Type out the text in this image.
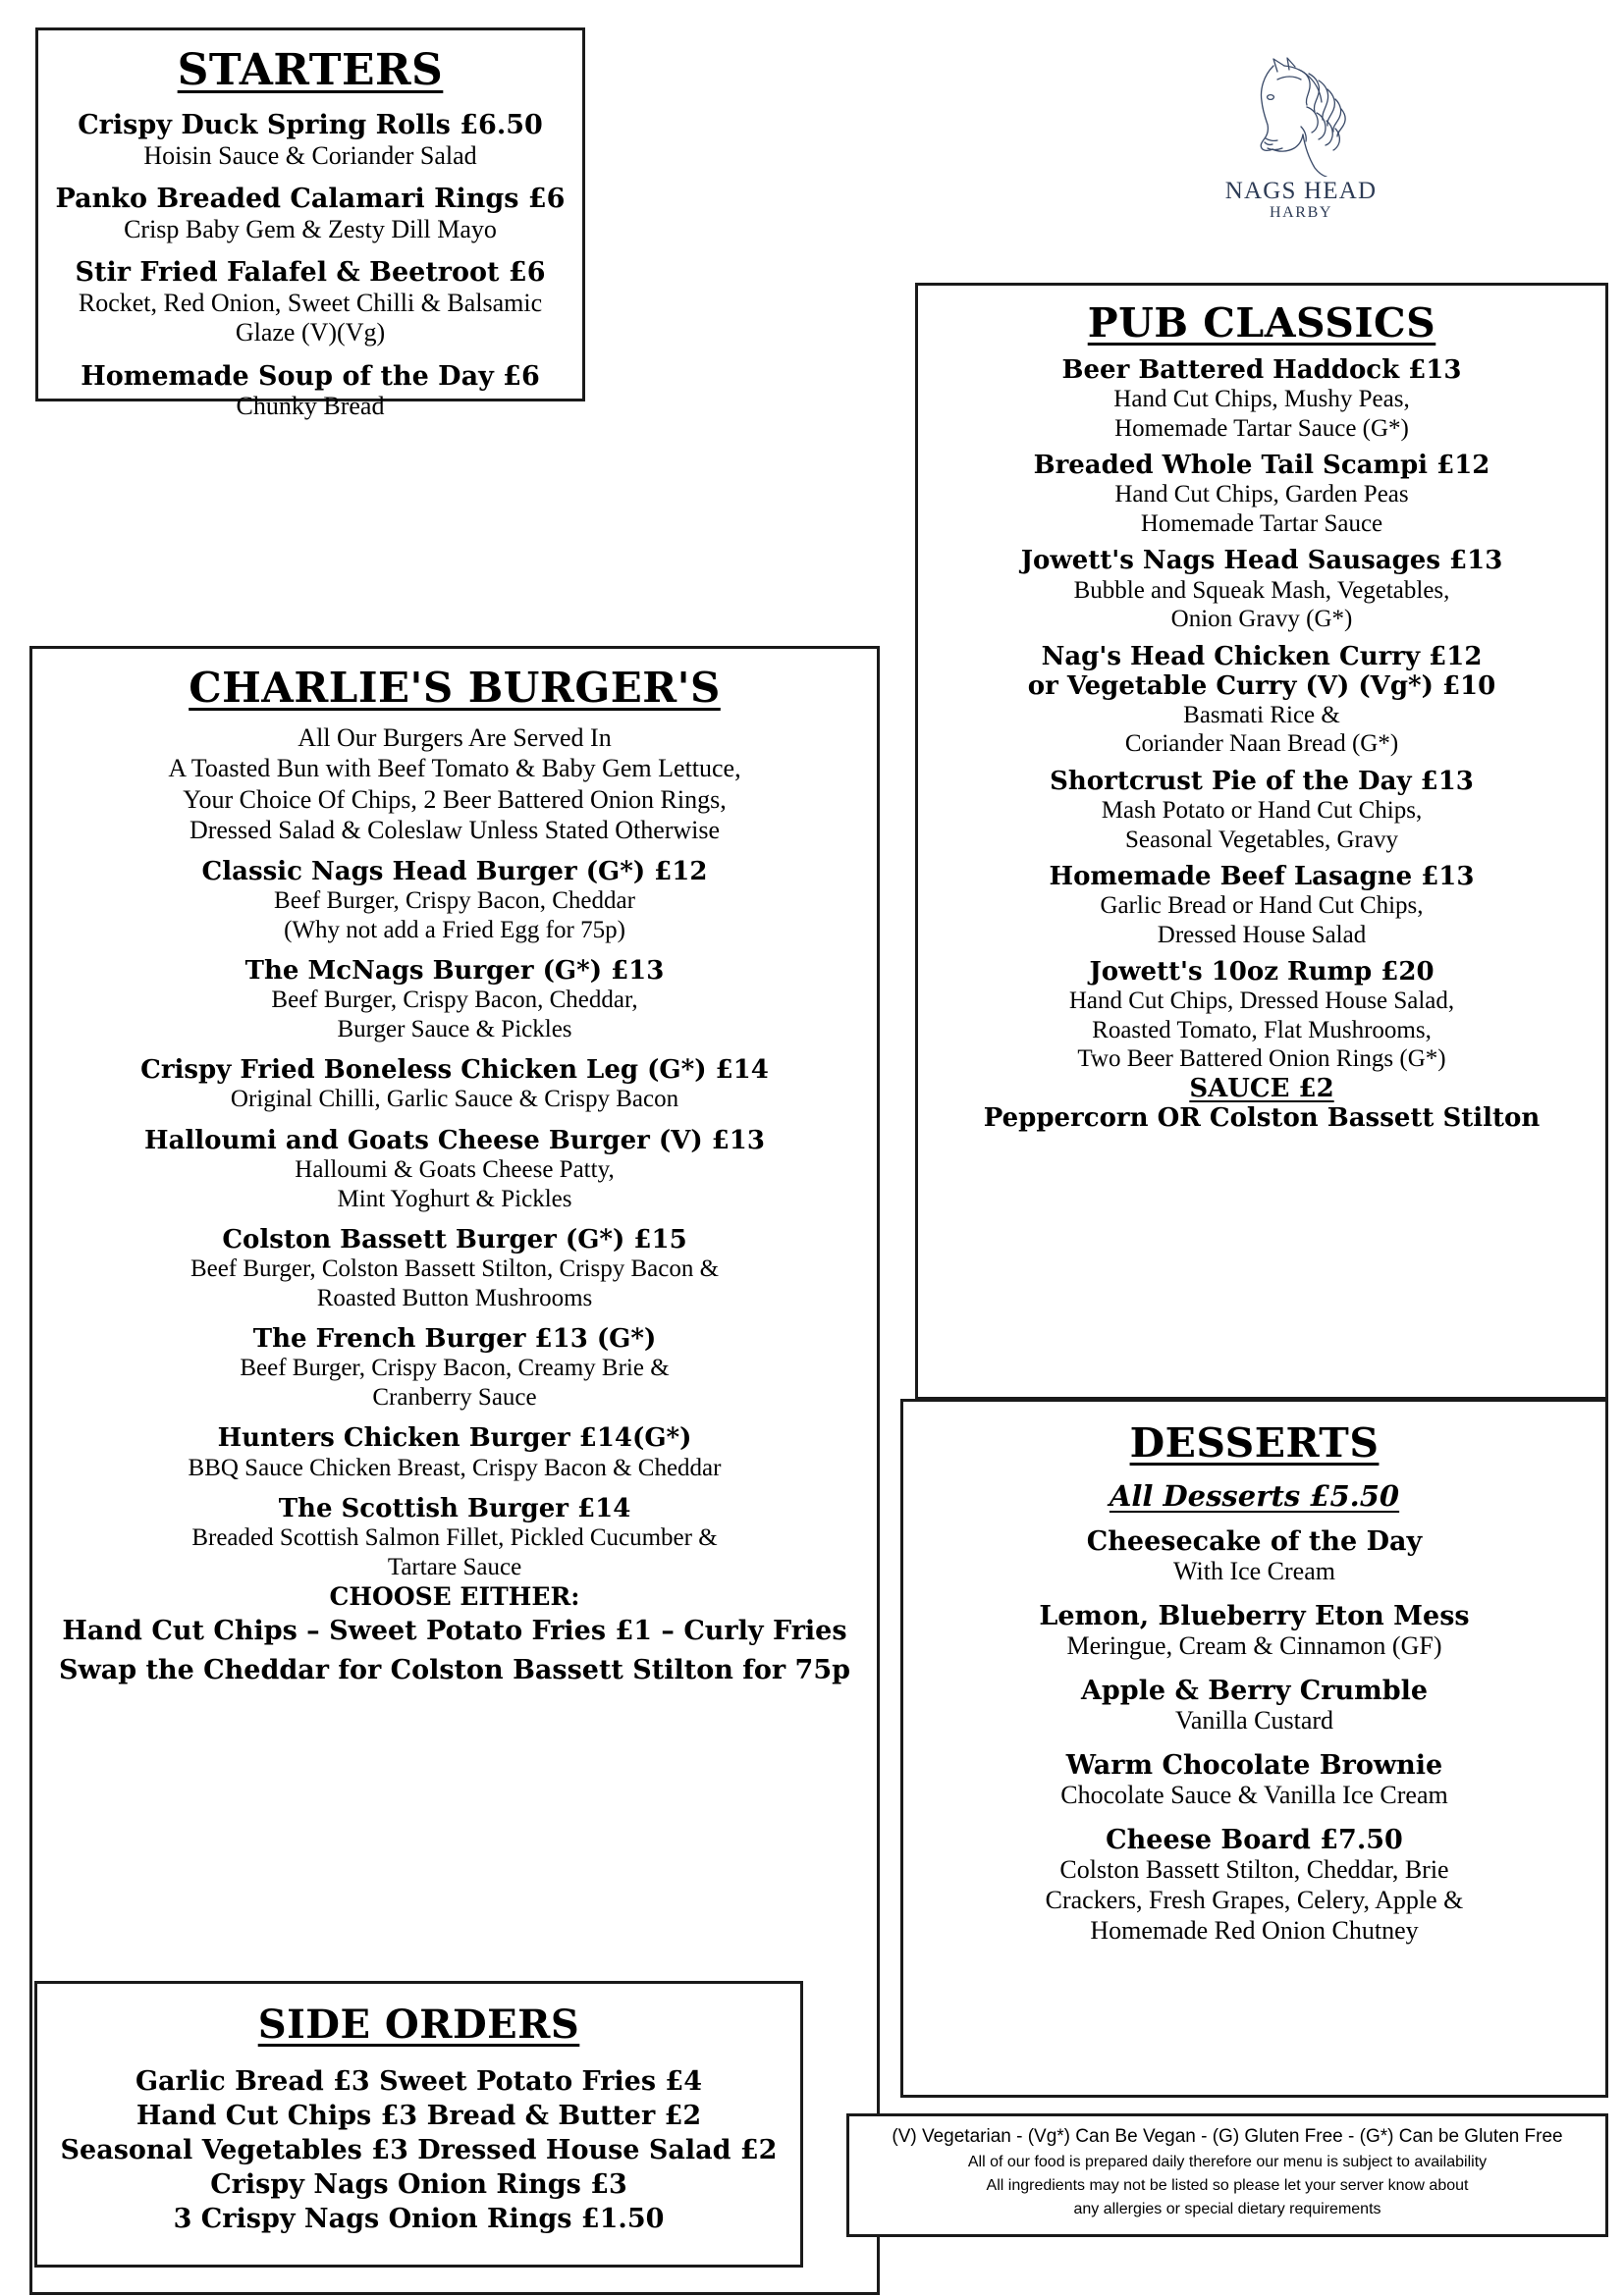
STARTERS
Crispy Duck Spring Rolls £6.50
Hoisin Sauce & Coriander Salad
Panko Breaded Calamari Rings £6
Crisp Baby Gem & Zesty Dill Mayo
Stir Fried Falafel & Beetroot £6
Rocket, Red Onion, Sweet Chilli & Balsamic
Glaze (V)(Vg)
Homemade Soup of the Day £6
Chunky Bread
NAGS HEAD
HARBY
PUB CLASSICS
Beer Battered Haddock £13
Hand Cut Chips, Mushy Peas,
Homemade Tartar Sauce (G*)
Breaded Whole Tail Scampi £12
Hand Cut Chips, Garden Peas
Homemade Tartar Sauce
Jowett's Nags Head Sausages £13
Bubble and Squeak Mash, Vegetables,
Onion Gravy (G*)
Nag's Head Chicken Curry £12
or Vegetable Curry (V) (Vg*) £10
Basmati Rice &
Coriander Naan Bread (G*)
Shortcrust Pie of the Day £13
Mash Potato or Hand Cut Chips,
Seasonal Vegetables, Gravy
Homemade Beef Lasagne £13
Garlic Bread or Hand Cut Chips,
Dressed House Salad
Jowett's 10oz Rump £20
Hand Cut Chips, Dressed House Salad,
Roasted Tomato, Flat Mushrooms,
Two Beer Battered Onion Rings (G*)
SAUCE £2
Peppercorn OR Colston Bassett Stilton
CHARLIE'S BURGER'S
All Our Burgers Are Served In
A Toasted Bun with Beef Tomato & Baby Gem Lettuce,
Your Choice Of Chips, 2 Beer Battered Onion Rings,
Dressed Salad & Coleslaw Unless Stated Otherwise
Classic Nags Head Burger (G*) £12
Beef Burger, Crispy Bacon, Cheddar
(Why not add a Fried Egg for 75p)
The McNags Burger (G*) £13
Beef Burger, Crispy Bacon, Cheddar,
Burger Sauce & Pickles
Crispy Fried Boneless Chicken Leg (G*) £14
Original Chilli, Garlic Sauce & Crispy Bacon
Halloumi and Goats Cheese Burger (V) £13
Halloumi & Goats Cheese Patty,
Mint Yoghurt & Pickles
Colston Bassett Burger (G*) £15
Beef Burger, Colston Bassett Stilton, Crispy Bacon &
Roasted Button Mushrooms
The French Burger £13 (G*)
Beef Burger, Crispy Bacon, Creamy Brie &
Cranberry Sauce
Hunters Chicken Burger £14(G*)
BBQ Sauce Chicken Breast, Crispy Bacon & Cheddar
The Scottish Burger £14
Breaded Scottish Salmon Fillet, Pickled Cucumber &
Tartare Sauce
CHOOSE EITHER:
Hand Cut Chips – Sweet Potato Fries £1 – Curly Fries
Swap the Cheddar for Colston Bassett Stilton for 75p
DESSERTS
All Desserts £5.50
Cheesecake of the Day
With Ice Cream
Lemon, Blueberry Eton Mess
Meringue, Cream & Cinnamon (GF)
Apple & Berry Crumble
Vanilla Custard
Warm Chocolate Brownie
Chocolate Sauce & Vanilla Ice Cream
Cheese Board £7.50
Colston Bassett Stilton, Cheddar, Brie
Crackers, Fresh Grapes, Celery, Apple &
Homemade Red Onion Chutney
SIDE ORDERS
Garlic Bread £3 Sweet Potato Fries £4
Hand Cut Chips £3 Bread & Butter £2
Seasonal Vegetables £3 Dressed House Salad £2
Crispy Nags Onion Rings £3
3 Crispy Nags Onion Rings £1.50
(V) Vegetarian - (Vg*) Can Be Vegan - (G) Gluten Free - (G*) Can be Gluten Free
All of our food is prepared daily therefore our menu is subject to availability
All ingredients may not be listed so please let your server know about
any allergies or special dietary requirements
